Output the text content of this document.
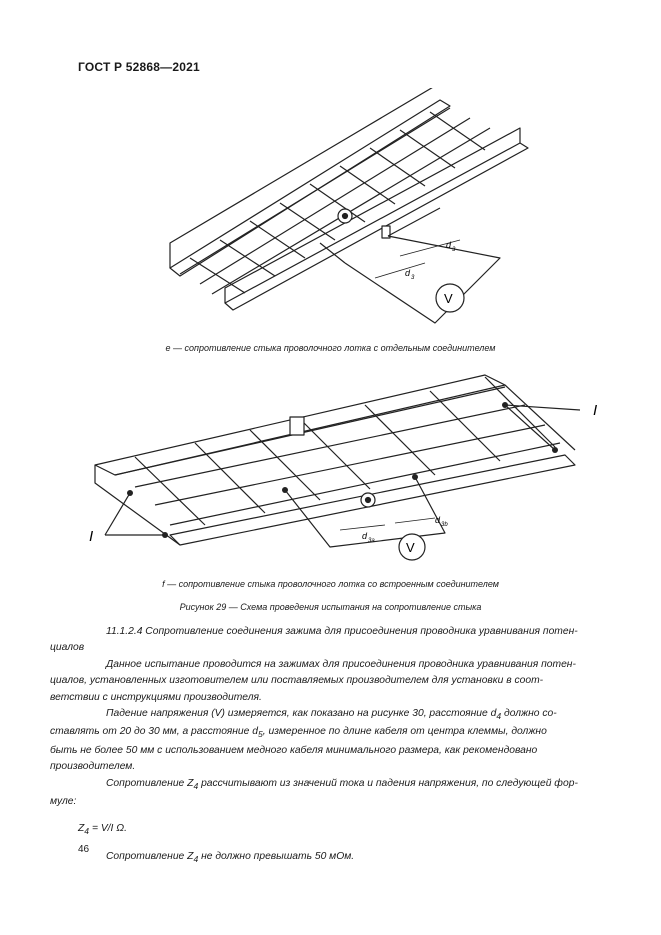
ГОСТ Р 52868—2021
d 3
d 3
V
e — сопротивление стыка проволочного лотка с отдельным соединителем
I
I	d 3a
d 3b
V
f — сопротивление стыка проволочного лотка со встроенным соединителем
Рисунок 29 — Схема проведения испытания на сопротивление стыка

11.1.2.4 Сопротивление соединения зажима для присоединения проводника уравнивания потен-
циалов

Данное испытание проводится на зажимах для присоединения проводника уравнивания потен-
циалов, установленных изготовителем или поставляемых производителем для установки в соот-
ветствии с инструкциями производителя.

Падение напряжения (V) измеряется, как показано на рисунке 30, расстояние $d_4$ должно со-
ставлять от 20 до 30 мм, а расстояние $d_5$, измеренное по длине кабеля от центра клеммы, должно
быть не более 50 мм с использованием медного кабеля минимального размера, как рекомендовано
производителем.

Сопротивление $Z_4$ рассчитывают из значений тока и падения напряжения, по следующей фор-
муле:

$Z_4 = V/I$ Ω.

Сопротивление $Z_4$ не должно превышать 50 мОм.

46
